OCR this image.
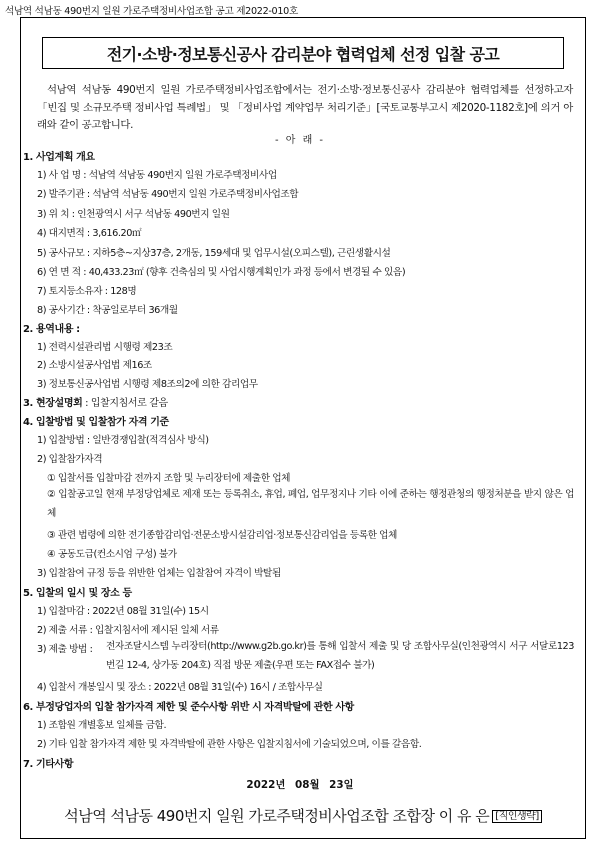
석남역 석남동 490번지 일원 가로주택정비사업조합 공고 제2022-010호
전기·소방·정보통신공사 감리분야 협력업체 선정 입찰 공고
석남역 석남동 490번지 일원 가로주택정비사업조합에서는 전기·소방·정보통신공사 감리분야 협력업체를 선정하고자 「빈집 및 소규모주택 정비사업 특례법」 및 「정비사업 계약업무 처리기준」[국토교통부고시 제2020-1182호]에 의거 아래와 같이 공고합니다.
- 아 래 -
1. 사업계획 개요
1) 사 업 명 : 석남역 석남동 490번지 일원 가로주택정비사업
2) 발주기관 : 석남역 석남동 490번지 일원 가로주택정비사업조합
3) 위 치 : 인천광역시 서구 석남동 490번지 일원
4) 대지면적 : 3,616.20㎡
5) 공사규모 : 지하5층~지상37층, 2개동, 159세대 및 업무시설(오피스텔), 근린생활시설
6) 연 면 적 : 40,433.23㎡ (향후 건축심의 및 사업시행계획인가 과정 등에서 변경될 수 있음)
7) 토지등소유자 : 128명
8) 공사기간 : 착공일로부터 36개월
2. 용역내용 :
1) 전력시설관리법 시행령 제23조
2) 소방시설공사업법 제16조
3) 정보통신공사업법 시행령 제8조의2에 의한 감리업무
3. 현장설명회 : 입찰지침서로 갈음
4. 입찰방법 및 입찰참가 자격 기준
1) 입찰방법 : 일반경쟁입찰(적격심사 방식)
2) 입찰참가자격
① 입찰서를 입찰마감 전까지 조합 및 누리장터에 제출한 업체
② 입찰공고일 현재 부정당업체로 제재 또는 등록취소, 휴업, 폐업, 업무정지나 기타 이에 준하는 행정관청의 행정처분을 받지 않은 업체
③ 관련 법령에 의한 전기종합감리업·전문소방시설감리업·정보통신감리업을 등록한 업체
④ 공동도급(컨소시엄 구성) 불가
3) 입찰참여 규정 등을 위반한 업체는 입찰참여 자격이 박탈됨
5. 입찰의 일시 및 장소 등
1) 입찰마감 : 2022년 08월 31일(수) 15시
2) 제출 서류 : 입찰지침서에 제시된 일체 서류
3) 제출 방법 : 전자조달시스템 누리장터(http://www.g2b.go.kr)를 통해 입찰서 제출 및 당 조합사무실(인천광역시 서구 서달로123번길 12-4, 상가동 204호) 직접 방문 제출(우편 또는 FAX접수 불가)
4) 입찰서 개봉일시 및 장소 : 2022년 08월 31일(수) 16시 / 조합사무실
6. 부정당업자의 입찰 참가자격 제한 및 준수사항 위반 시 자격박탈에 관한 사항
1) 조합원 개별홍보 일체를 금함.
2) 기타 입찰 참가자격 제한 및 자격박탈에 관한 사항은 입찰지침서에 기술되었으며, 이를 갈음함.
7. 기타사항
2022년 08월 23일
석남역 석남동 490번지 일원 가로주택정비사업조합 조합장 이 유 은 [직인생략]
